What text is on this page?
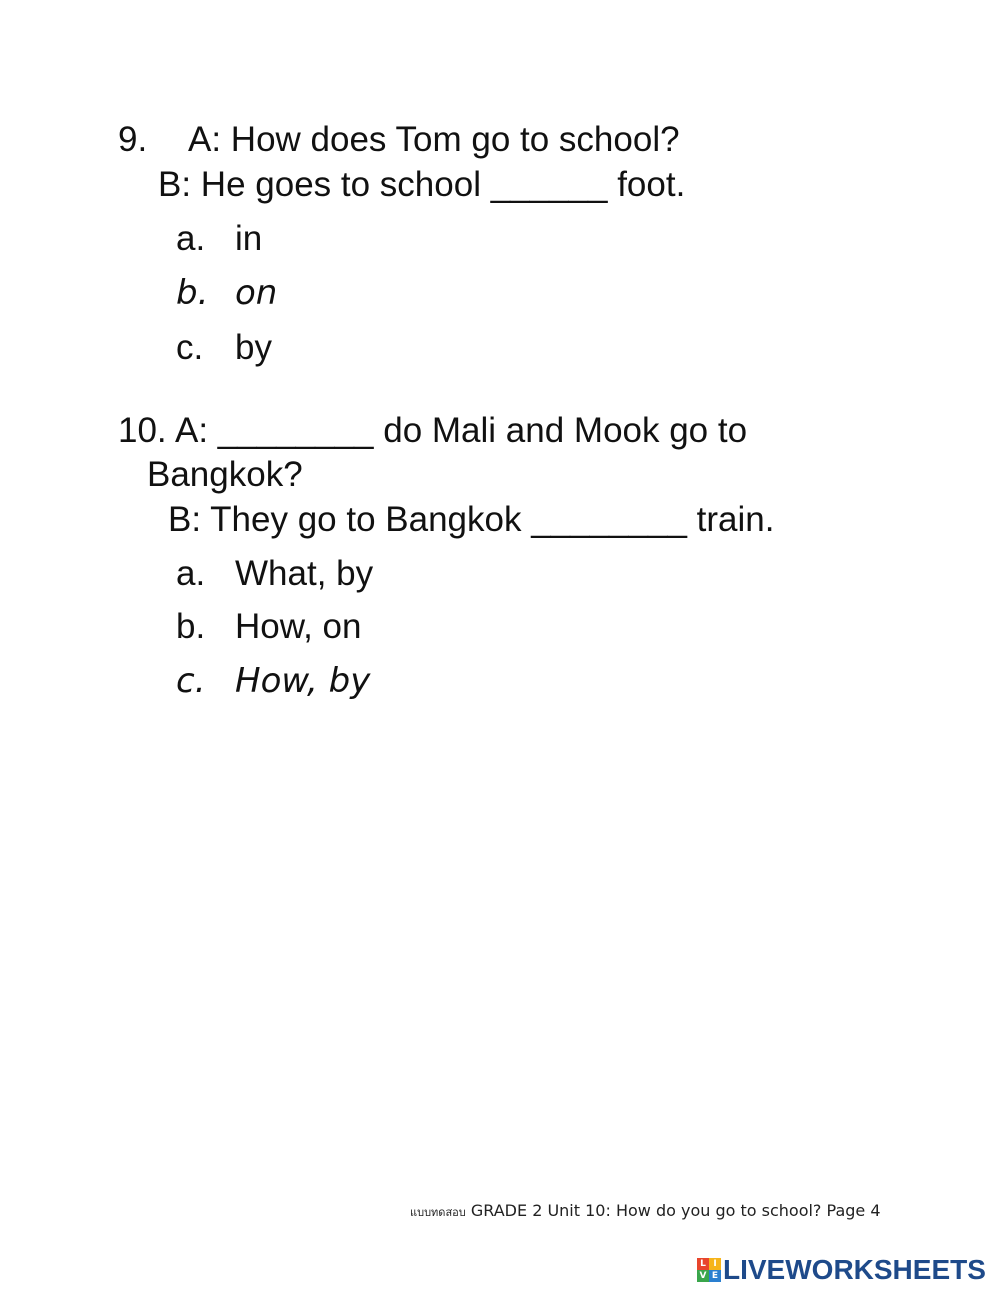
9. A: How does Tom go to school?
B: He goes to school ______ foot.
a. in
b. on
c. by
10. A: ________ do Mali and Mook go to
Bangkok?
B: They go to Bangkok ________ train.
a. What, by
b. How, on
c. How, by
แบบทดสอบ GRADE 2 Unit 10: How do you go to school? Page 4
L I
V E LIVEWORKSHEETS
